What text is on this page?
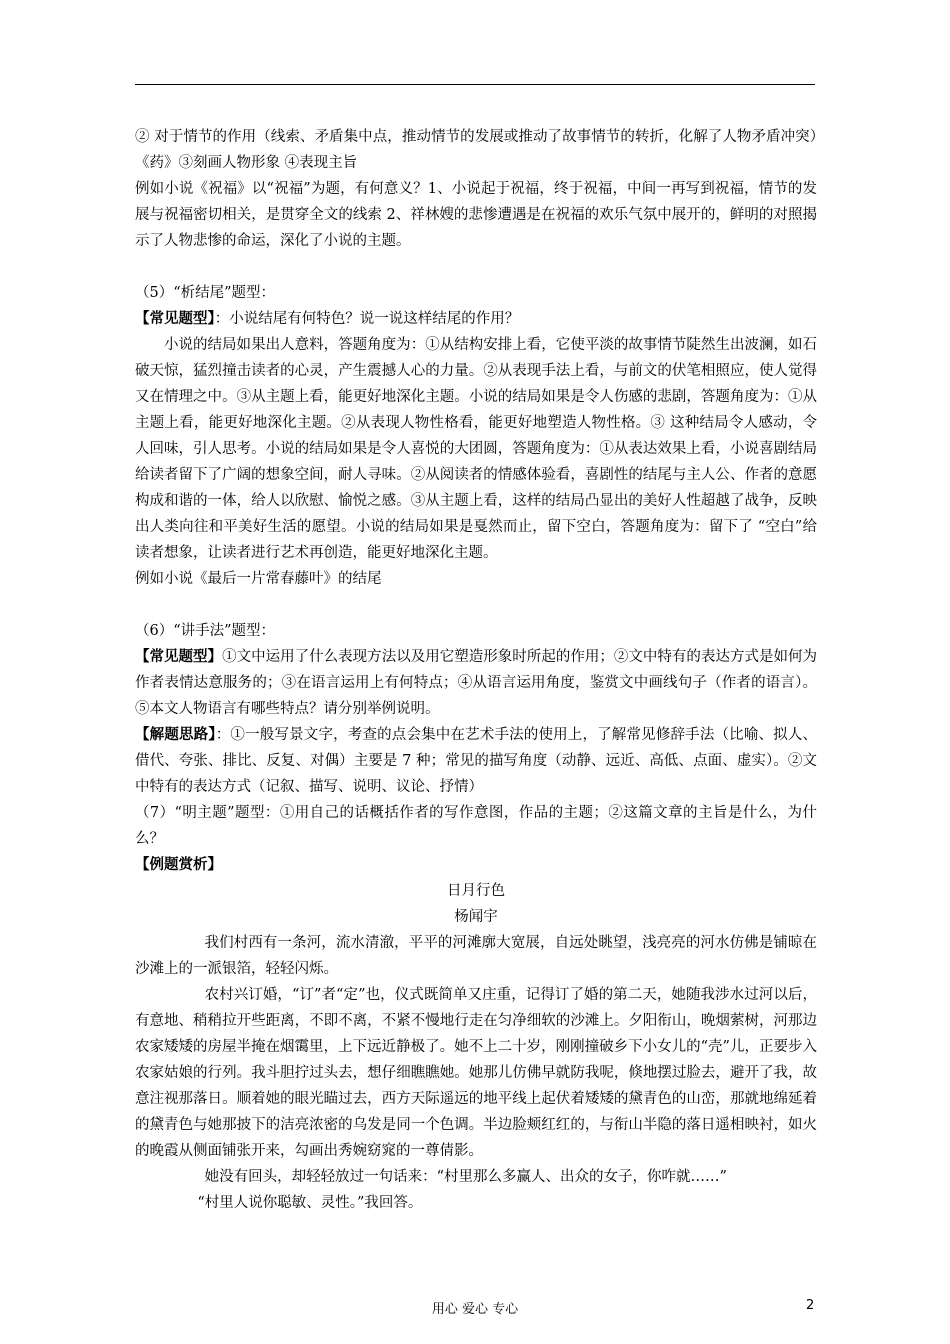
② 对于情节的作用（线索、矛盾集中点，推动情节的发展或推动了故事情节的转折，化解了人物矛盾冲突）《药》③刻画人物形象 ④表现主旨

例如小说《祝福》以“祝福”为题，有何意义？1、小说起于祝福，终于祝福，中间一再写到祝福，情节的发展与祝福密切相关，是贯穿全文的线索 2、祥林嫂的悲惨遭遇是在祝福的欢乐气氛中展开的，鲜明的对照揭示了人物悲惨的命运，深化了小说的主题。

（5）“析结尾”题型：

【常见题型】：小说结尾有何特色？说一说这样结尾的作用？

小说的结局如果出人意料，答题角度为：①从结构安排上看，它使平淡的故事情节陡然生出波澜，如石破天惊，猛烈撞击读者的心灵，产生震撼人心的力量。②从表现手法上看，与前文的伏笔相照应，使人觉得又在情理之中。③从主题上看，能更好地深化主题。小说的结局如果是令人伤感的悲剧，答题角度为：①从主题上看，能更好地深化主题。②从表现人物性格看，能更好地塑造人物性格。③ 这种结局令人感动，令人回味，引人思考。小说的结局如果是令人喜悦的大团圆，答题角度为：①从表达效果上看，小说喜剧结局给读者留下了广阔的想象空间，耐人寻味。②从阅读者的情感体验看，喜剧性的结尾与主人公、作者的意愿构成和谐的一体，给人以欣慰、愉悦之感。③从主题上看，这样的结局凸显出的美好人性超越了战争，反映出人类向往和平美好生活的愿望。小说的结局如果是戛然而止，留下空白，答题角度为：留下了 “空白”给读者想象，让读者进行艺术再创造，能更好地深化主题。

例如小说《最后一片常春藤叶》的结尾

（6）“讲手法”题型：

【常见题型】①文中运用了什么表现方法以及用它塑造形象时所起的作用；②文中特有的表达方式是如何为作者表情达意服务的；③在语言运用上有何特点；④从语言运用角度，鉴赏文中画线句子（作者的语言）。⑤本文人物语言有哪些特点？请分别举例说明。

【解题思路】：①一般写景文字，考查的点会集中在艺术手法的使用上，了解常见修辞手法（比喻、拟人、借代、夸张、排比、反复、对偶）主要是 7 种；常见的描写角度（动静、远近、高低、点面、虚实）。②文中特有的表达方式（记叙、描写、说明、议论、抒情）

（7）“明主题”题型：①用自己的话概括作者的写作意图，作品的主题；②这篇文章的主旨是什么，为什么？

【例题赏析】

日月行色

杨闻宇

我们村西有一条河，流水清澈，平平的河滩廓大宽展，自远处眺望，浅亮亮的河水仿佛是铺晾在沙滩上的一派银箔，轻轻闪烁。

农村兴订婚，“订”者“定”也，仪式既简单又庄重，记得订了婚的第二天，她随我涉水过河以后，有意地、稍稍拉开些距离，不即不离，不紧不慢地行走在匀净细软的沙滩上。夕阳衔山，晚烟萦树，河那边农家矮矮的房屋半掩在烟霭里，上下远近静极了。她不上二十岁，刚刚撞破乡下小女儿的“壳”儿，正要步入农家姑娘的行列。我斗胆拧过头去，想仔细瞧瞧她。她那儿仿佛早就防我呢，倏地摆过脸去，避开了我，故意注视那落日。顺着她的眼光瞄过去，西方天际遥远的地平线上起伏着矮矮的黛青色的山峦，那就地绵延着的黛青色与她那披下的洁亮浓密的乌发是同一个色调。半边脸颊红红的，与衔山半隐的落日遥相映衬，如火的晚霞从侧面铺张开来，勾画出秀婉窈窕的一尊倩影。

她没有回头，却轻轻放过一句话来：“村里那么多赢人、出众的女子，你咋就……”

“村里人说你聪敏、灵性。”我回答。

用心 爱心 专心	2
